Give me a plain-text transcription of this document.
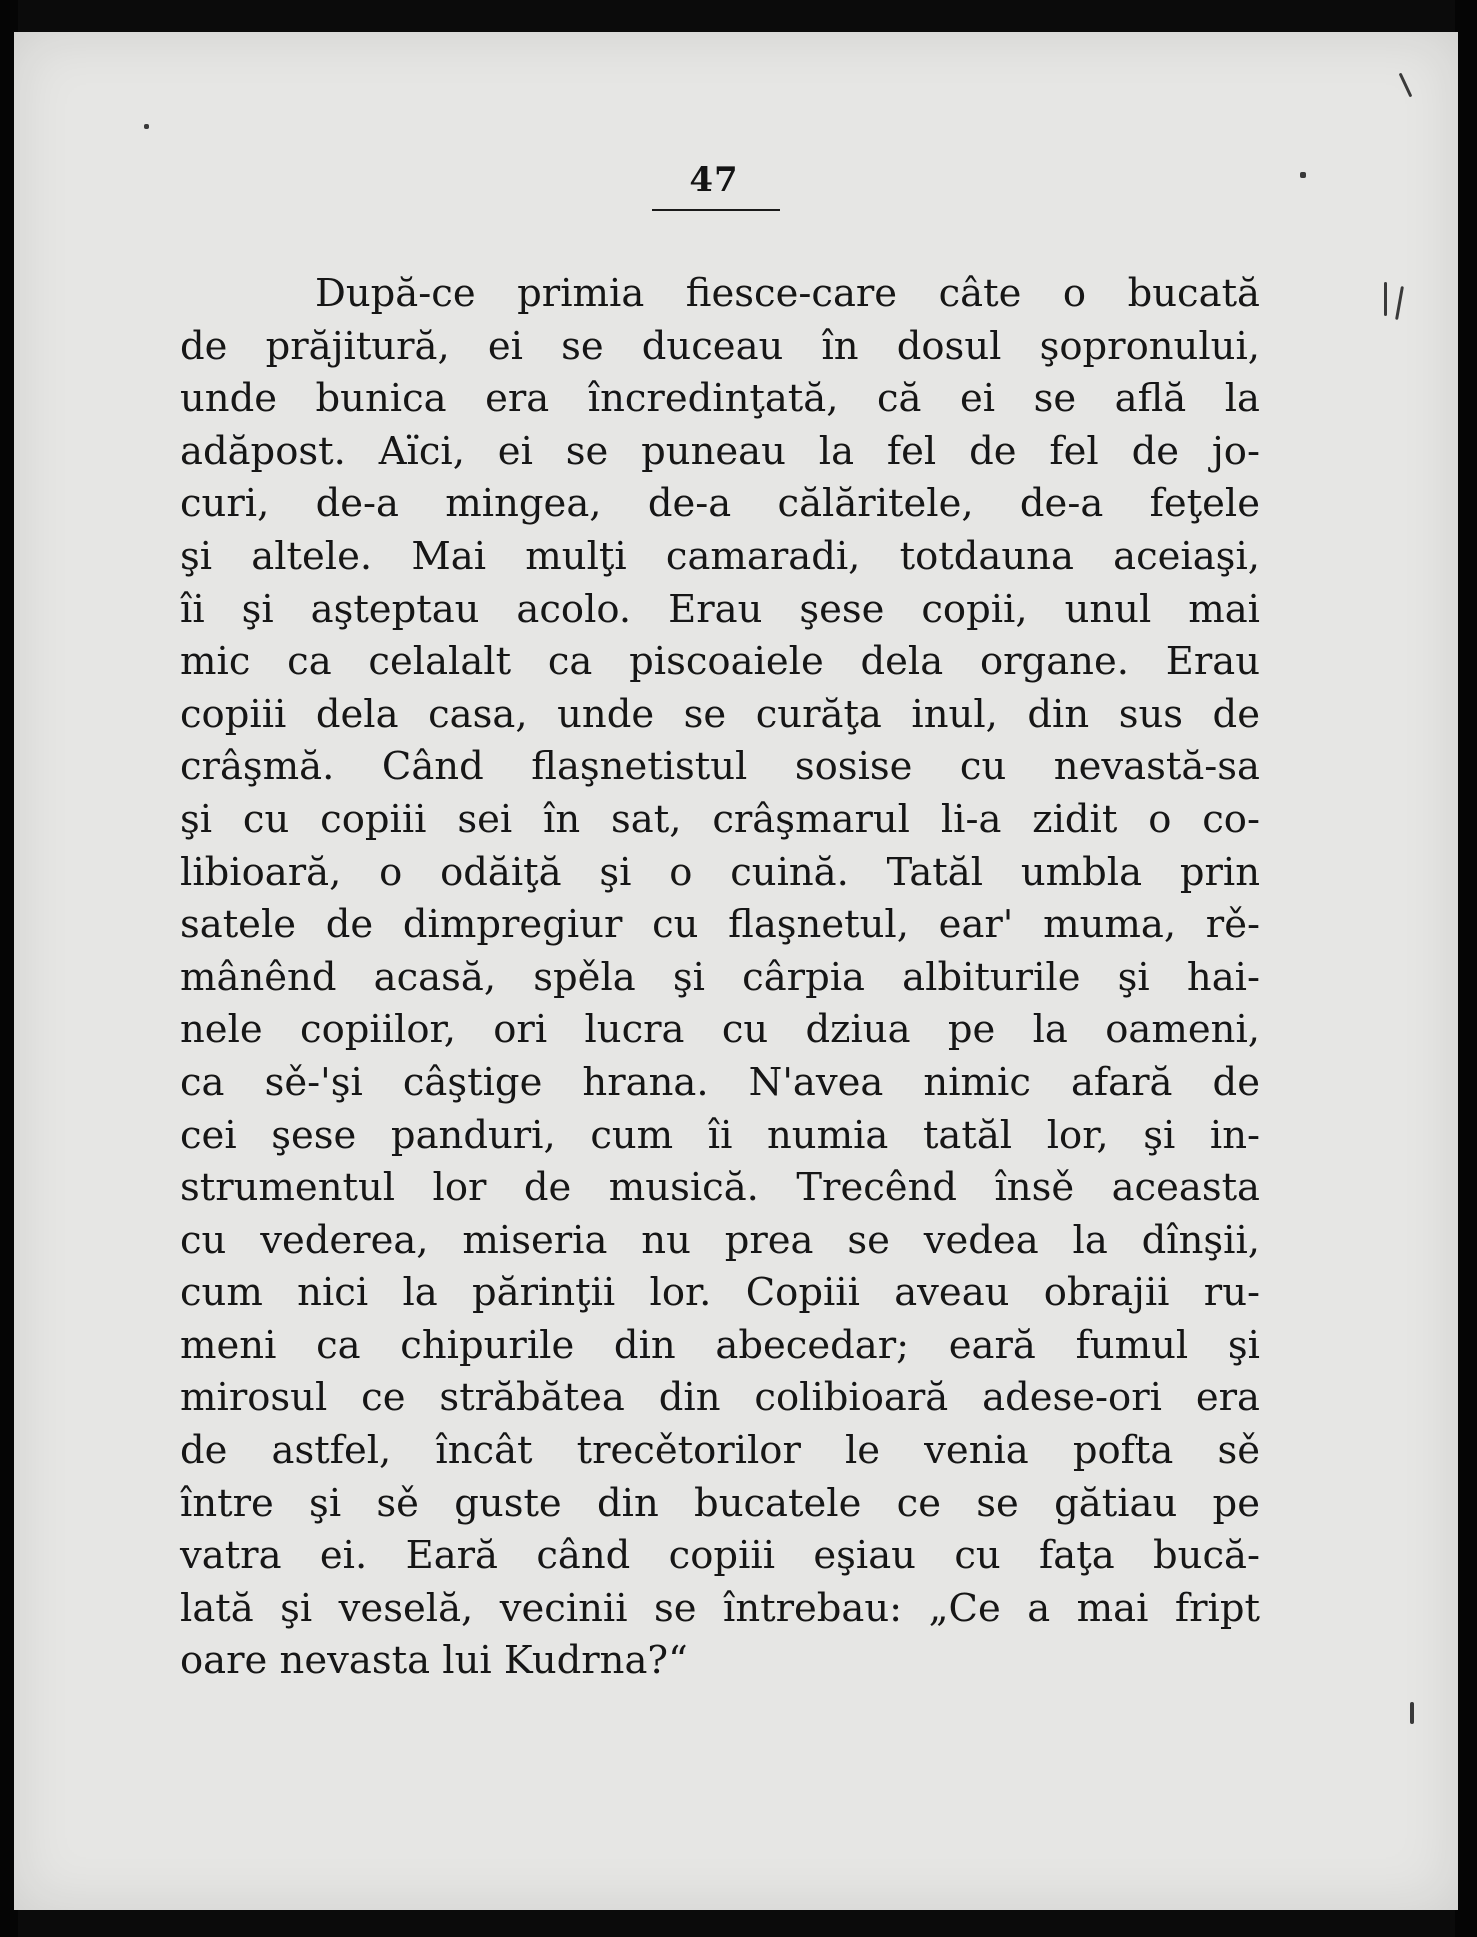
47
După-ce primia fiesce-care câte o bucată
de prăjitură, ei se duceau în dosul şopronului,
unde bunica era încredinţată, că ei se află la
adăpost. Aïci, ei se puneau la fel de fel de jo-
curi, de-a mingea, de-a călăritele, de-a feţele
şi altele. Mai mulţi camaradi, totdauna aceiaşi,
îi şi aşteptau acolo. Erau şese copii, unul mai
mic ca celalalt ca piscoaiele dela organe. Erau
copiii dela casa, unde se curăţa inul, din sus de
crâşmă. Când flaşnetistul sosise cu nevastă-sa
şi cu copiii sei în sat, crâşmarul li-a zidit o co-
libioară, o odăiţă şi o cuină. Tatăl umbla prin
satele de dimpregiur cu flaşnetul, ear' muma, rě-
mânênd acasă, spěla şi cârpia albiturile şi hai-
nele copiilor, ori lucra cu dziua pe la oameni,
ca sě-'şi câştige hrana. N'avea nimic afară de
cei şese panduri, cum îi numia tatăl lor, şi in-
strumentul lor de musică. Trecênd însě aceasta
cu vederea, miseria nu prea se vedea la dînşii,
cum nici la părinţii lor. Copiii aveau obrajii ru-
meni ca chipurile din abecedar; eară fumul şi
mirosul ce străbătea din colibioară adese-ori era
de astfel, încât trecětorilor le venia pofta sě
între şi sě guste din bucatele ce se gătiau pe
vatra ei. Eară când copiii eşiau cu faţa bucă-
lată şi veselă, vecinii se întrebau: „Ce a mai fript
oare nevasta lui Kudrna?“
